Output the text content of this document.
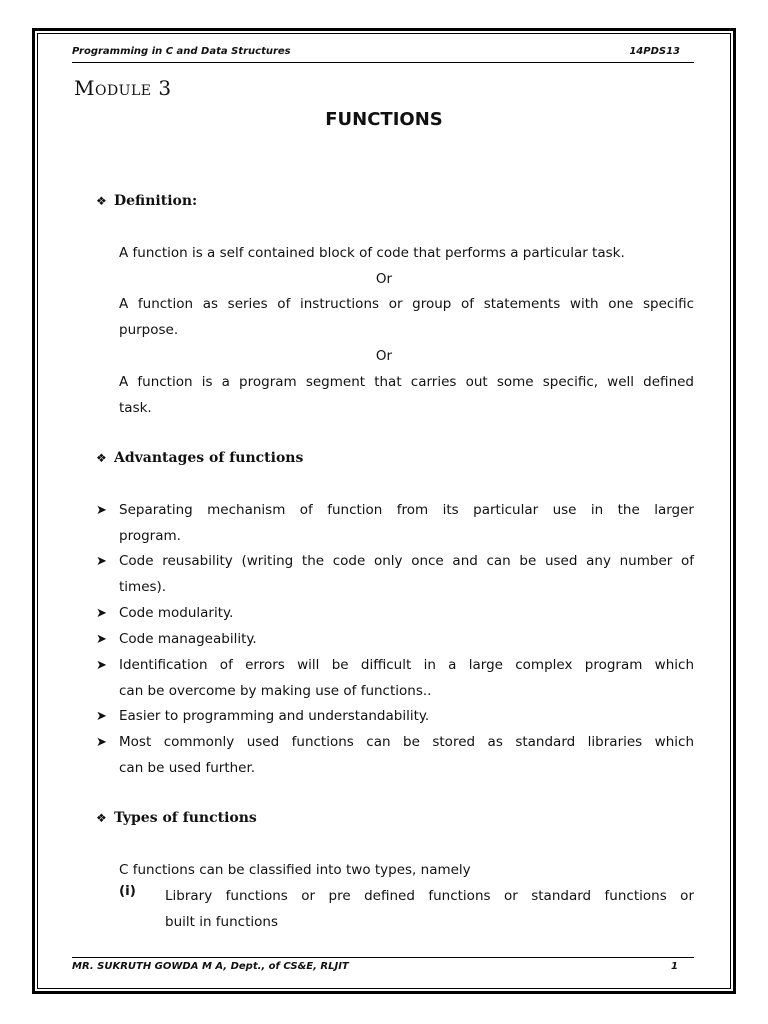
Programming in C and Data Structures	14PDS13
Module 3
FUNCTIONS
❖ Definition:
A function is a self contained block of code that performs a particular task.
Or
A function as series of instructions or group of statements with one specific
purpose.
Or
A function is a program segment that carries out some specific, well defined
task.
❖ Advantages of functions
➤ Separating mechanism of function from its particular use in the larger
program.
➤ Code reusability (writing the code only once and can be used any number of
times).
➤ Code modularity.
➤ Code manageability.
➤ Identification of errors will be difficult in a large complex program which
can be overcome by making use of functions..
➤ Easier to programming and understandability.
➤ Most commonly used functions can be stored as standard libraries which
can be used further.
❖ Types of functions
C functions can be classified into two types, namely
(i) Library functions or pre defined functions or standard functions or
built in functions
MR. SUKRUTH GOWDA M A, Dept., of CS&E, RLJIT	1
